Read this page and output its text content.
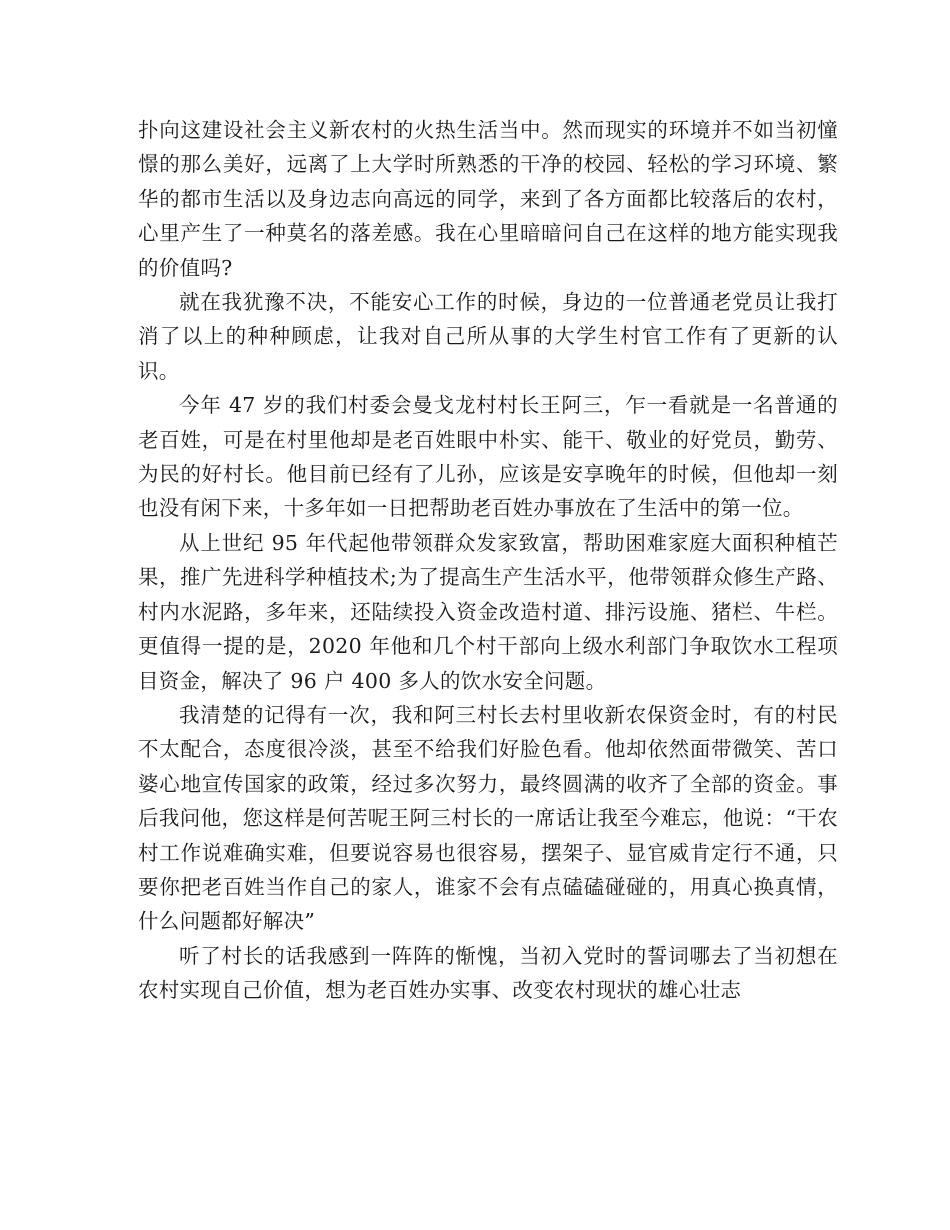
扑向这建设社会主义新农村的火热生活当中。然而现实的环境并不如当初憧憬的那么美好，远离了上大学时所熟悉的干净的校园、轻松的学习环境、繁华的都市生活以及身边志向高远的同学，来到了各方面都比较落后的农村，心里产生了一种莫名的落差感。我在心里暗暗问自己在这样的地方能实现我的价值吗?

就在我犹豫不决，不能安心工作的时候，身边的一位普通老党员让我打消了以上的种种顾虑，让我对自己所从事的大学生村官工作有了更新的认识。

今年 47 岁的我们村委会曼戈龙村村长王阿三，乍一看就是一名普通的老百姓，可是在村里他却是老百姓眼中朴实、能干、敬业的好党员，勤劳、为民的好村长。他目前已经有了儿孙，应该是安享晚年的时候，但他却一刻也没有闲下来，十多年如一日把帮助老百姓办事放在了生活中的第一位。

从上世纪 95 年代起他带领群众发家致富，帮助困难家庭大面积种植芒果，推广先进科学种植技术;为了提高生产生活水平，他带领群众修生产路、村内水泥路，多年来，还陆续投入资金改造村道、排污设施、猪栏、牛栏。更值得一提的是，2020 年他和几个村干部向上级水利部门争取饮水工程项目资金，解决了 96 户 400 多人的饮水安全问题。

我清楚的记得有一次，我和阿三村长去村里收新农保资金时，有的村民不太配合，态度很冷淡，甚至不给我们好脸色看。他却依然面带微笑、苦口婆心地宣传国家的政策，经过多次努力，最终圆满的收齐了全部的资金。事后我问他，您这样是何苦呢王阿三村长的一席话让我至今难忘，他说：“干农村工作说难确实难，但要说容易也很容易，摆架子、显官威肯定行不通，只要你把老百姓当作自己的家人，谁家不会有点磕磕碰碰的，用真心换真情，什么问题都好解决”

听了村长的话我感到一阵阵的惭愧，当初入党时的誓词哪去了当初想在农村实现自己价值，想为老百姓办实事、改变农村现状的雄心壮志
